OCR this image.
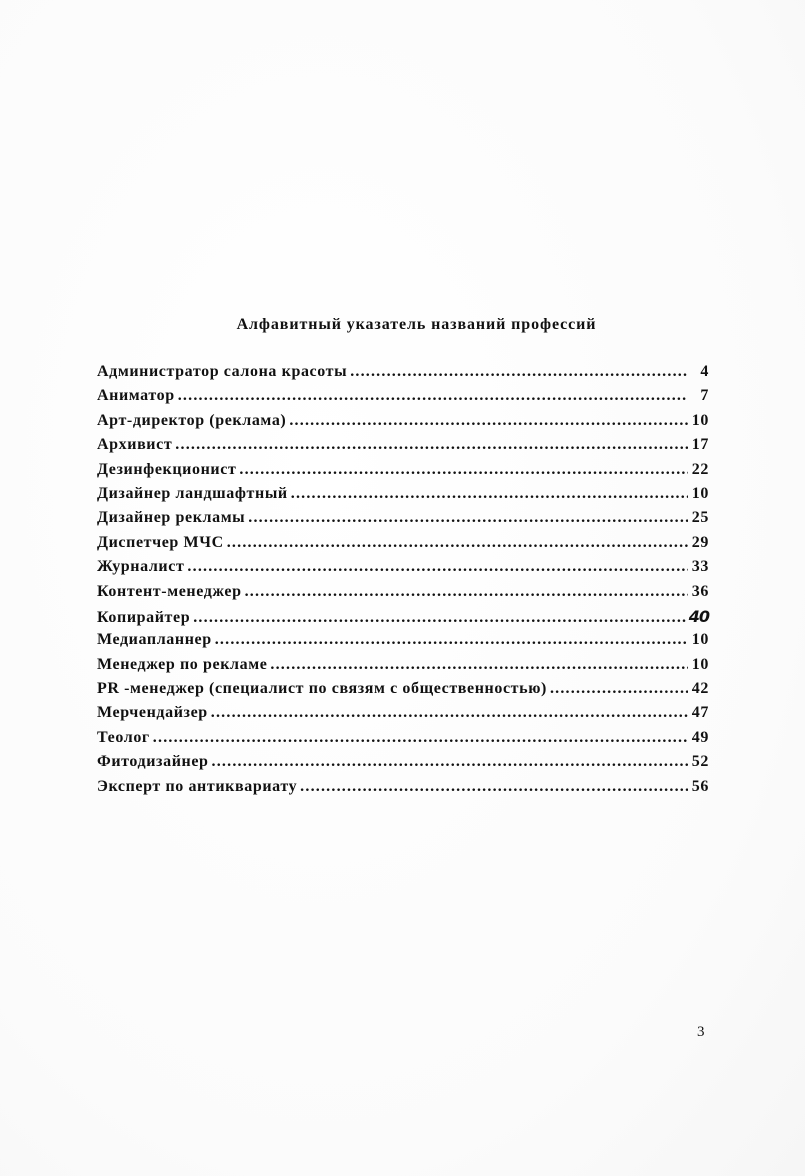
Алфавитный указатель названий профессий
Администратор салона красоты .....	4
Аниматор .....	7
Арт-директор (реклама) .....	10
Архивист .....	17
Дезинфекционист .....	22
Дизайнер ландшафтный .....	10
Дизайнер рекламы .....	25
Диспетчер МЧС .....	29
Журналист .....	33
Контент-менеджер .....	36
Копирайтер .....	40
Медиапланнер .....	10
Менеджер по рекламе .....	10
PR -менеджер (специалист по связям с общественностью) .....	42
Мерчендайзер .....	47
Теолог .....	49
Фитодизайнер .....	52
Эксперт по антиквариату .....	56
3
